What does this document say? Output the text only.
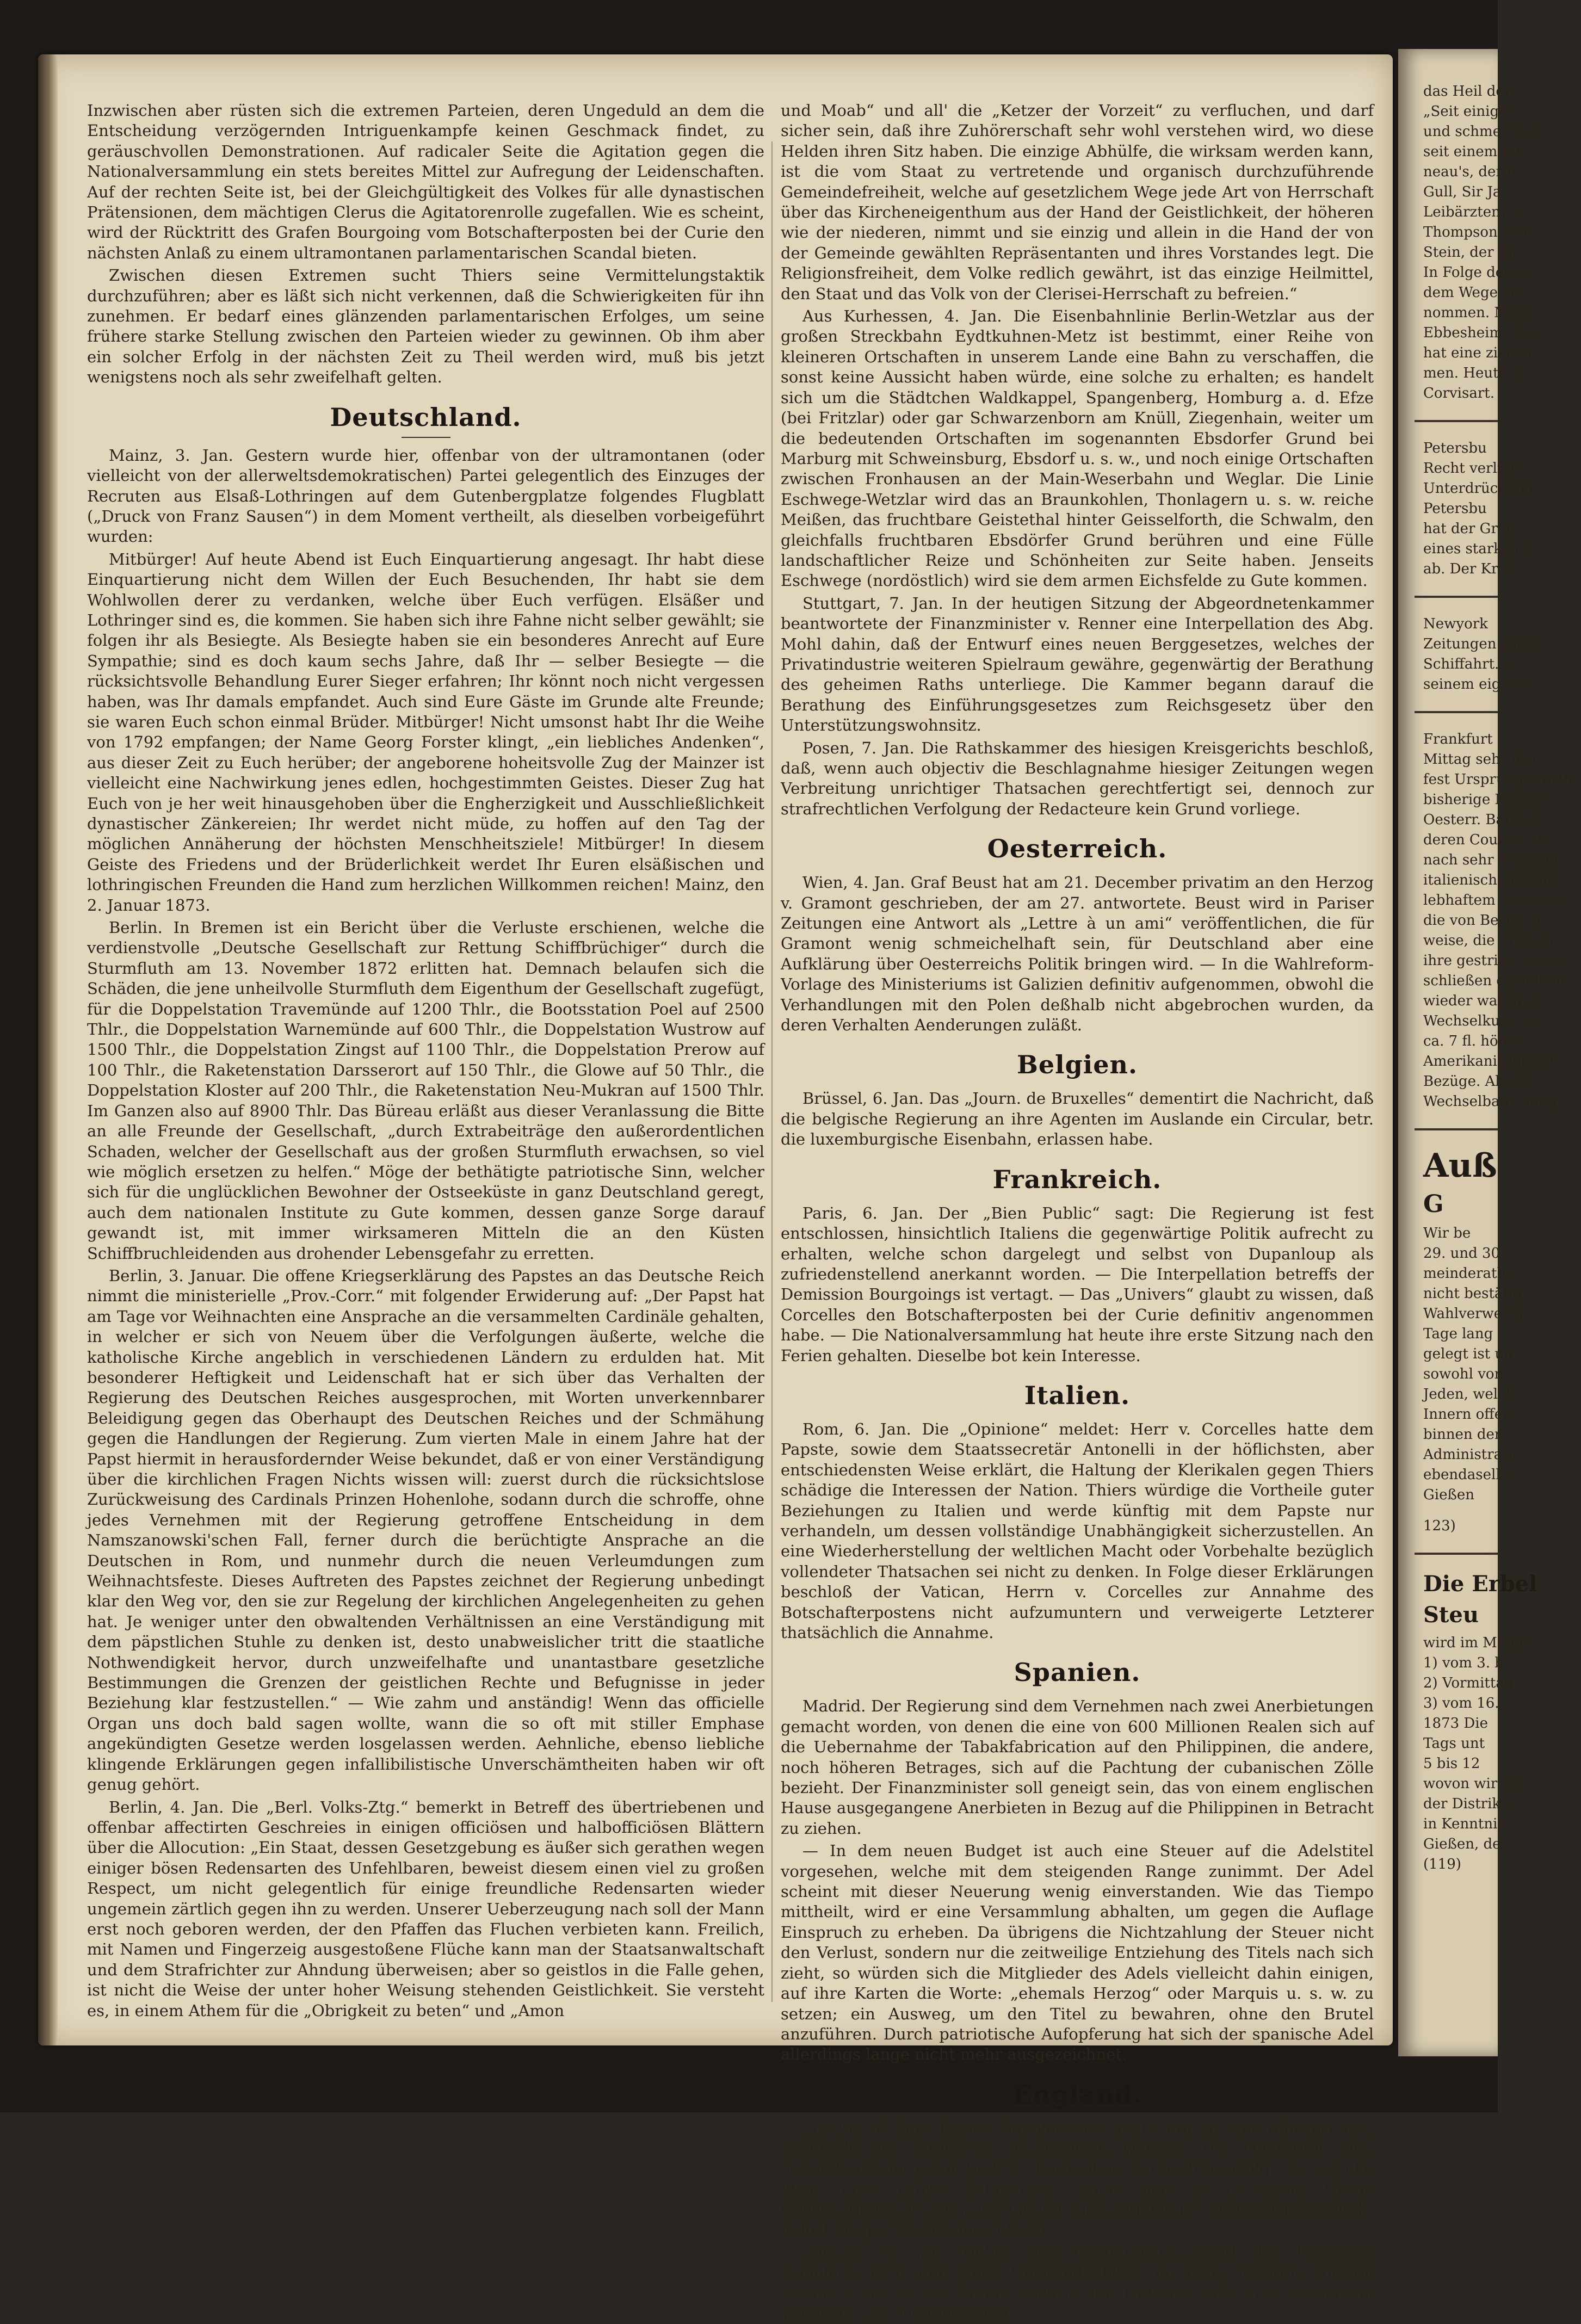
Inzwischen aber rüsten sich die extremen Parteien, deren Ungeduld an dem die Entscheidung verzögernden Intriguenkampfe keinen Geschmack findet, zu geräuschvollen Demonstrationen. Auf radicaler Seite die Agitation gegen die Nationalversammlung ein stets bereites Mittel zur Aufregung der Leidenschaften. Auf der rechten Seite ist, bei der Gleichgültigkeit des Volkes für alle dynastischen Prätensionen, dem mächtigen Clerus die Agitatorenrolle zugefallen. Wie es scheint, wird der Rücktritt des Grafen Bourgoing vom Botschafterposten bei der Curie den nächsten Anlaß zu einem ultramontanen parlamentarischen Scandal bieten.

Zwischen diesen Extremen sucht Thiers seine Vermittelungstaktik durchzuführen; aber es läßt sich nicht verkennen, daß die Schwierigkeiten für ihn zunehmen. Er bedarf eines glänzenden parlamentarischen Erfolges, um seine frühere starke Stellung zwischen den Parteien wieder zu gewinnen. Ob ihm aber ein solcher Erfolg in der nächsten Zeit zu Theil werden wird, muß bis jetzt wenigstens noch als sehr zweifelhaft gelten.

Deutschland.

Mainz, 3. Jan. Gestern wurde hier, offenbar von der ultramontanen (oder vielleicht von der allerweltsdemokratischen) Partei gelegentlich des Einzuges der Recruten aus Elsaß-Lothringen auf dem Gutenbergplatze folgendes Flugblatt („Druck von Franz Sausen“) in dem Moment vertheilt, als dieselben vorbeigeführt wurden:

Mitbürger! Auf heute Abend ist Euch Einquartierung angesagt. Ihr habt diese Einquartierung nicht dem Willen der Euch Besuchenden, Ihr habt sie dem Wohlwollen derer zu verdanken, welche über Euch verfügen. Elsäßer und Lothringer sind es, die kommen. Sie haben sich ihre Fahne nicht selber gewählt; sie folgen ihr als Besiegte. Als Besiegte haben sie ein besonderes Anrecht auf Eure Sympathie; sind es doch kaum sechs Jahre, daß Ihr — selber Besiegte — die rücksichtsvolle Behandlung Eurer Sieger erfahren; Ihr könnt noch nicht vergessen haben, was Ihr damals empfandet. Auch sind Eure Gäste im Grunde alte Freunde; sie waren Euch schon einmal Brüder. Mitbürger! Nicht umsonst habt Ihr die Weihe von 1792 empfangen; der Name Georg Forster klingt, „ein liebliches Andenken“, aus dieser Zeit zu Euch herüber; der angeborene hoheitsvolle Zug der Mainzer ist vielleicht eine Nachwirkung jenes edlen, hochgestimmten Geistes. Dieser Zug hat Euch von je her weit hinausgehoben über die Engherzigkeit und Ausschließlichkeit dynastischer Zänkereien; Ihr werdet nicht müde, zu hoffen auf den Tag der möglichen Annäherung der höchsten Menschheitsziele! Mitbürger! In diesem Geiste des Friedens und der Brüderlichkeit werdet Ihr Euren elsäßischen und lothringischen Freunden die Hand zum herzlichen Willkommen reichen! Mainz, den 2. Januar 1873.

Berlin. In Bremen ist ein Bericht über die Verluste erschienen, welche die verdienstvolle „Deutsche Gesellschaft zur Rettung Schiffbrüchiger“ durch die Sturmfluth am 13. November 1872 erlitten hat. Demnach belaufen sich die Schäden, die jene unheilvolle Sturmfluth dem Eigenthum der Gesellschaft zugefügt, für die Doppelstation Travemünde auf 1200 Thlr., die Bootsstation Poel auf 2500 Thlr., die Doppelstation Warnemünde auf 600 Thlr., die Doppelstation Wustrow auf 1500 Thlr., die Doppelstation Zingst auf 1100 Thlr., die Doppelstation Prerow auf 100 Thlr., die Raketenstation Darsserort auf 150 Thlr., die Glowe auf 50 Thlr., die Doppelstation Kloster auf 200 Thlr., die Raketenstation Neu-Mukran auf 1500 Thlr. Im Ganzen also auf 8900 Thlr. Das Büreau erläßt aus dieser Veranlassung die Bitte an alle Freunde der Gesellschaft, „durch Extrabeiträge den außerordentlichen Schaden, welcher der Gesellschaft aus der großen Sturmfluth erwachsen, so viel wie möglich ersetzen zu helfen.“ Möge der bethätigte patriotische Sinn, welcher sich für die unglücklichen Bewohner der Ostseeküste in ganz Deutschland geregt, auch dem nationalen Institute zu Gute kommen, dessen ganze Sorge darauf gewandt ist, mit immer wirksameren Mitteln die an den Küsten Schiffbruchleidenden aus drohender Lebensgefahr zu erretten.

Berlin, 3. Januar. Die offene Kriegserklärung des Papstes an das Deutsche Reich nimmt die ministerielle „Prov.-Corr.“ mit folgender Erwiderung auf: „Der Papst hat am Tage vor Weihnachten eine Ansprache an die versammelten Cardinäle gehalten, in welcher er sich von Neuem über die Verfolgungen äußerte, welche die katholische Kirche angeblich in verschiedenen Ländern zu erdulden hat. Mit besonderer Heftigkeit und Leidenschaft hat er sich über das Verhalten der Regierung des Deutschen Reiches ausgesprochen, mit Worten unverkennbarer Beleidigung gegen das Oberhaupt des Deutschen Reiches und der Schmähung gegen die Handlungen der Regierung. Zum vierten Male in einem Jahre hat der Papst hiermit in herausfordernder Weise bekundet, daß er von einer Verständigung über die kirchlichen Fragen Nichts wissen will: zuerst durch die rücksichtslose Zurückweisung des Cardinals Prinzen Hohenlohe, sodann durch die schroffe, ohne jedes Vernehmen mit der Regierung getroffene Entscheidung in dem Namszanowski'schen Fall, ferner durch die berüchtigte Ansprache an die Deutschen in Rom, und nunmehr durch die neuen Verleumdungen zum Weihnachtsfeste. Dieses Auftreten des Papstes zeichnet der Regierung unbedingt klar den Weg vor, den sie zur Regelung der kirchlichen Angelegenheiten zu gehen hat. Je weniger unter den obwaltenden Verhältnissen an eine Verständigung mit dem päpstlichen Stuhle zu denken ist, desto unabweislicher tritt die staatliche Nothwendigkeit hervor, durch unzweifelhafte und unantastbare gesetzliche Bestimmungen die Grenzen der geistlichen Rechte und Befugnisse in jeder Beziehung klar festzustellen.“ — Wie zahm und anständig! Wenn das officielle Organ uns doch bald sagen wollte, wann die so oft mit stiller Emphase angekündigten Gesetze werden losgelassen werden. Aehnliche, ebenso liebliche klingende Erklärungen gegen infallibilistische Unverschämtheiten haben wir oft genug gehört.

Berlin, 4. Jan. Die „Berl. Volks-Ztg.“ bemerkt in Betreff des übertriebenen und offenbar affectirten Geschreies in einigen officiösen und halbofficiösen Blättern über die Allocution: „Ein Staat, dessen Gesetzgebung es äußer sich gerathen wegen einiger bösen Redensarten des Unfehlbaren, beweist diesem einen viel zu großen Respect, um nicht gelegentlich für einige freundliche Redensarten wieder ungemein zärtlich gegen ihn zu werden. Unserer Ueberzeugung nach soll der Mann erst noch geboren werden, der den Pfaffen das Fluchen verbieten kann. Freilich, mit Namen und Fingerzeig ausgestoßene Flüche kann man der Staatsanwaltschaft und dem Strafrichter zur Ahndung überweisen; aber so geistlos in die Falle gehen, ist nicht die Weise der unter hoher Weisung stehenden Geistlichkeit. Sie versteht es, in einem Athem für die „Obrigkeit zu beten“ und „Amon

und Moab“ und all' die „Ketzer der Vorzeit“ zu verfluchen, und darf sicher sein, daß ihre Zuhörerschaft sehr wohl verstehen wird, wo diese Helden ihren Sitz haben. Die einzige Abhülfe, die wirksam werden kann, ist die vom Staat zu vertretende und organisch durchzuführende Gemeindefreiheit, welche auf gesetzlichem Wege jede Art von Herrschaft über das Kircheneigenthum aus der Hand der Geistlichkeit, der höheren wie der niederen, nimmt und sie einzig und allein in die Hand der von der Gemeinde gewählten Repräsentanten und ihres Vorstandes legt. Die Religionsfreiheit, dem Volke redlich gewährt, ist das einzige Heilmittel, den Staat und das Volk von der Clerisei-Herrschaft zu befreien.“

Aus Kurhessen, 4. Jan. Die Eisenbahnlinie Berlin-Wetzlar aus der großen Streckbahn Eydtkuhnen-Metz ist bestimmt, einer Reihe von kleineren Ortschaften in unserem Lande eine Bahn zu verschaffen, die sonst keine Aussicht haben würde, eine solche zu erhalten; es handelt sich um die Städtchen Waldkappel, Spangenberg, Homburg a. d. Efze (bei Fritzlar) oder gar Schwarzenborn am Knüll, Ziegenhain, weiter um die bedeutenden Ortschaften im sogenannten Ebsdorfer Grund bei Marburg mit Schweinsburg, Ebsdorf u. s. w., und noch einige Ortschaften zwischen Fronhausen an der Main-Weserbahn und Weglar. Die Linie Eschwege-Wetzlar wird das an Braunkohlen, Thonlagern u. s. w. reiche Meißen, das fruchtbare Geistethal hinter Geisselforth, die Schwalm, den gleichfalls fruchtbaren Ebsdörfer Grund berühren und eine Fülle landschaftlicher Reize und Schönheiten zur Seite haben. Jenseits Eschwege (nordöstlich) wird sie dem armen Eichsfelde zu Gute kommen.

Stuttgart, 7. Jan. In der heutigen Sitzung der Abgeordnetenkammer beantwortete der Finanzminister v. Renner eine Interpellation des Abg. Mohl dahin, daß der Entwurf eines neuen Berggesetzes, welches der Privatindustrie weiteren Spielraum gewähre, gegenwärtig der Berathung des geheimen Raths unterliege. Die Kammer begann darauf die Berathung des Einführungsgesetzes zum Reichsgesetz über den Unterstützungswohnsitz.

Posen, 7. Jan. Die Rathskammer des hiesigen Kreisgerichts beschloß, daß, wenn auch objectiv die Beschlagnahme hiesiger Zeitungen wegen Verbreitung unrichtiger Thatsachen gerechtfertigt sei, dennoch zur strafrechtlichen Verfolgung der Redacteure kein Grund vorliege.

Oesterreich.

Wien, 4. Jan. Graf Beust hat am 21. December privatim an den Herzog v. Gramont geschrieben, der am 27. antwortete. Beust wird in Pariser Zeitungen eine Antwort als „Lettre à un ami“ veröffentlichen, die für Gramont wenig schmeichelhaft sein, für Deutschland aber eine Aufklärung über Oesterreichs Politik bringen wird. — In die Wahlreform-Vorlage des Ministeriums ist Galizien definitiv aufgenommen, obwohl die Verhandlungen mit den Polen deßhalb nicht abgebrochen wurden, da deren Verhalten Aenderungen zuläßt.

Belgien.

Brüssel, 6. Jan. Das „Journ. de Bruxelles“ dementirt die Nachricht, daß die belgische Regierung an ihre Agenten im Auslande ein Circular, betr. die luxemburgische Eisenbahn, erlassen habe.

Frankreich.

Paris, 6. Jan. Der „Bien Public“ sagt: Die Regierung ist fest entschlossen, hinsichtlich Italiens die gegenwärtige Politik aufrecht zu erhalten, welche schon dargelegt und selbst von Dupanloup als zufriedenstellend anerkannt worden. — Die Interpellation betreffs der Demission Bourgoings ist vertagt. — Das „Univers“ glaubt zu wissen, daß Corcelles den Botschafterposten bei der Curie definitiv angenommen habe. — Die Nationalversammlung hat heute ihre erste Sitzung nach den Ferien gehalten. Dieselbe bot kein Interesse.

Italien.

Rom, 6. Jan. Die „Opinione“ meldet: Herr v. Corcelles hatte dem Papste, sowie dem Staatssecretär Antonelli in der höflichsten, aber entschiedensten Weise erklärt, die Haltung der Klerikalen gegen Thiers schädige die Interessen der Nation. Thiers würdige die Vortheile guter Beziehungen zu Italien und werde künftig mit dem Papste nur verhandeln, um dessen vollständige Unabhängigkeit sicherzustellen. An eine Wiederherstellung der weltlichen Macht oder Vorbehalte bezüglich vollendeter Thatsachen sei nicht zu denken. In Folge dieser Erklärungen beschloß der Vatican, Herrn v. Corcelles zur Annahme des Botschafterpostens nicht aufzumuntern und verweigerte Letzterer thatsächlich die Annahme.

Spanien.

Madrid. Der Regierung sind dem Vernehmen nach zwei Anerbietungen gemacht worden, von denen die eine von 600 Millionen Realen sich auf die Uebernahme der Tabakfabrication auf den Philippinen, die andere, noch höheren Betrages, sich auf die Pachtung der cubanischen Zölle bezieht. Der Finanzminister soll geneigt sein, das von einem englischen Hause ausgegangene Anerbieten in Bezug auf die Philippinen in Betracht zu ziehen.

— In dem neuen Budget ist auch eine Steuer auf die Adelstitel vorgesehen, welche mit dem steigenden Range zunimmt. Der Adel scheint mit dieser Neuerung wenig einverstanden. Wie das Tiempo mittheilt, wird er eine Versammlung abhalten, um gegen die Auflage Einspruch zu erheben. Da übrigens die Nichtzahlung der Steuer nicht den Verlust, sondern nur die zeitweilige Entziehung des Titels nach sich zieht, so würden sich die Mitglieder des Adels vielleicht dahin einigen, auf ihre Karten die Worte: „ehemals Herzog“ oder Marquis u. s. w. zu setzen; ein Ausweg, um den Titel zu bewahren, ohne den Brutel anzuführen. Durch patriotische Aufopferung hat sich der spanische Adel allerdings lange nicht mehr ausgezeichnet.

England.

London, 6. Jan. Kaiser Napoleon ist heute Mittag chloroformirt und nochmals der Lithotritie unterworfen worden. Die Operation ging äußerst schwierig von Statten, hatte aber den besten Erfolg. Der Kranke klagt über große Schmerzen, auch sind in gewissem Grade Constitutionsstörungen vorhanden, der allgemeine Kräftezustand bleibt jedoch bis jetzt zufriedenstellend.

London, 6. Jan. Ueber den Gesundheitszustand des Exkaisers Napoleon wird mit einer Umständlichkeit in allen äußeren Formen berichtet, als ob der Patient noch in den Tuilerien säße und von seinem Wohlsein und Nichtwohlsein

das Heil der
„Seit einiger
und schmerzhal
seit einem Jah
neau's, der in
Gull, Sir Ja
Leibärzten) Ar
Thompson eine
Stein, der fei
In Folge dessen
dem Wege der
nommen. Nach
Ebbesheim, Fre
hat eine ziemlic
men. Heute N
Corvisart.
Petersbu
Recht verliert
Unterdrückung
Petersbu
hat der Groß
eines starken S
ab. Der Kräft
Newyork
Zeitungen zerst
Schiffahrt. —
seinem eigenen
Frankfurt
Mittag sehr fest
fest Ursprungswerthe
bisherige Motive,
Oesterr. Bahnen
deren Course, als
nach sehr ermäßigt
italienischen Rente
lebhaftem Geschäft
die von Berlin au
weise, die Transm
ihre gestrige Abend
schließen dieselben
wieder waren es
Wechselkurs auf
ca. 7 fl. höher
Amerikanische Eff
Bezüge. Abschl
Wechselbank stieg
Auß
G
Wir be
29. und 30
meinderathe
nicht bestätig
Wahlverwerfu
Tage lang
gelegt ist un
sowohl von
Jeden, welch
Innern offen
binnen der
Administratio
ebendaselbst
Gießen
123)
Die Erbel
Steu
wird im Monat
1) vom 3. b
2) Vormittag
3) vom 16.
1873 Die
Tags unt
5 bis 12
wovon wir die
der Distrikte
in Kenntniß
Gießen, den
(119)
